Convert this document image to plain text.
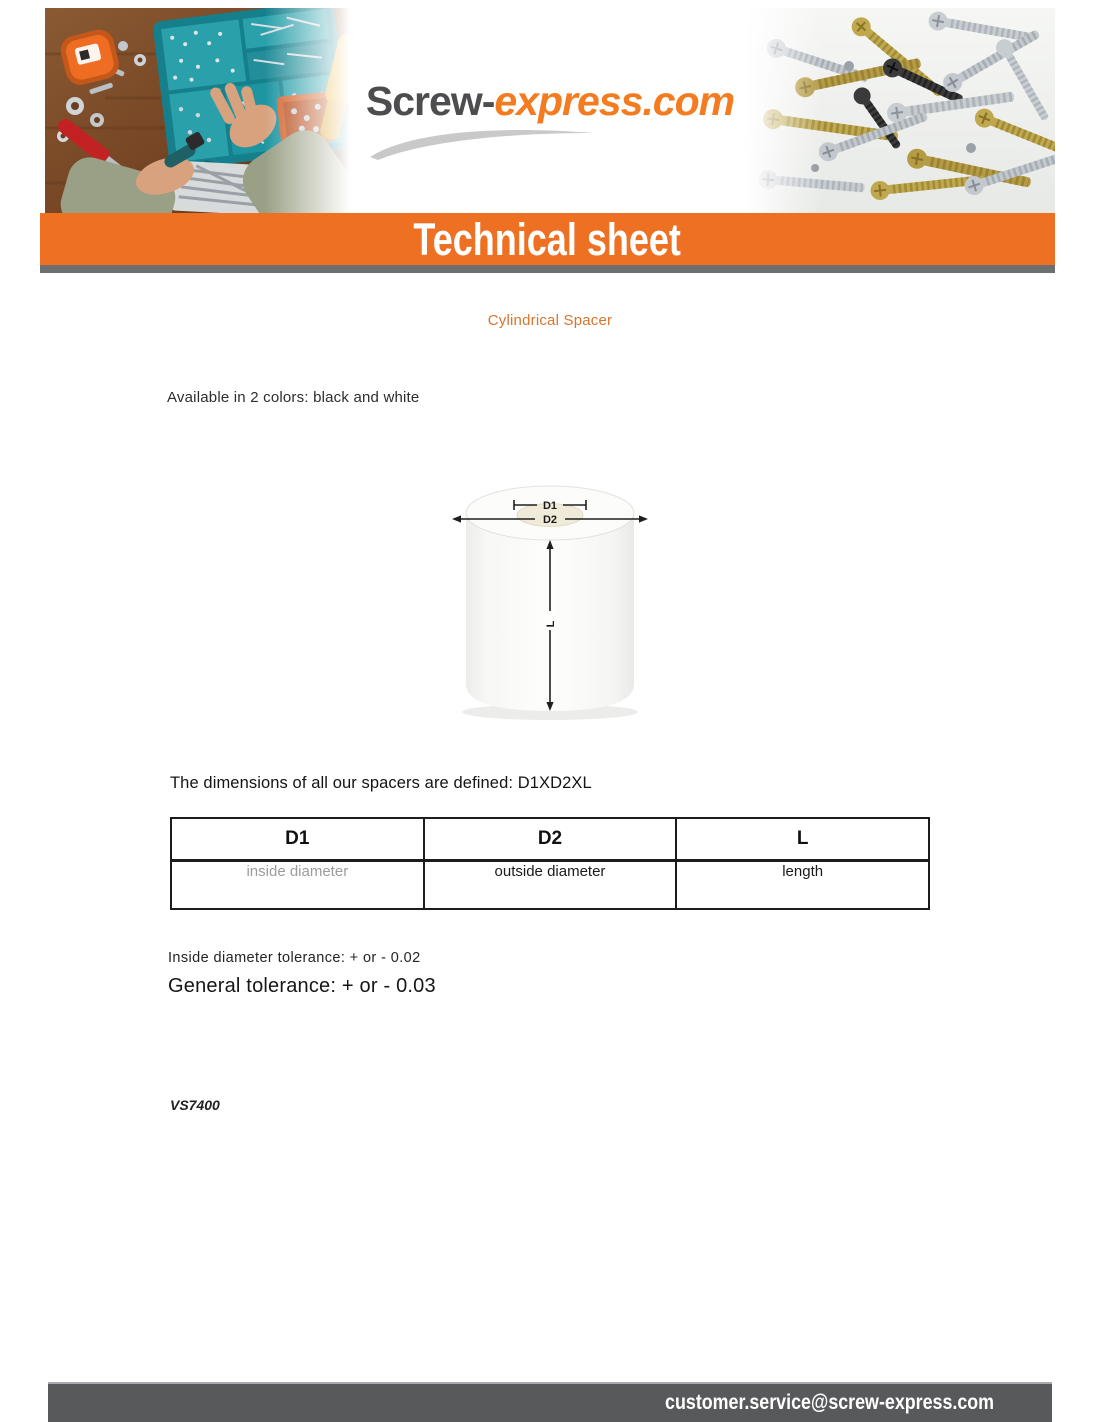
Screw-express.com
Technical sheet
Cylindrical Spacer
Available in 2 colors: black and white
D1
D2
L
The dimensions of all our spacers are defined: D1XD2XL
D1	D2	L
inside diameter	outside diameter	length
Inside diameter tolerance: + or - 0.02
General tolerance: + or - 0.03
VS7400
customer.service@screw-express.com
